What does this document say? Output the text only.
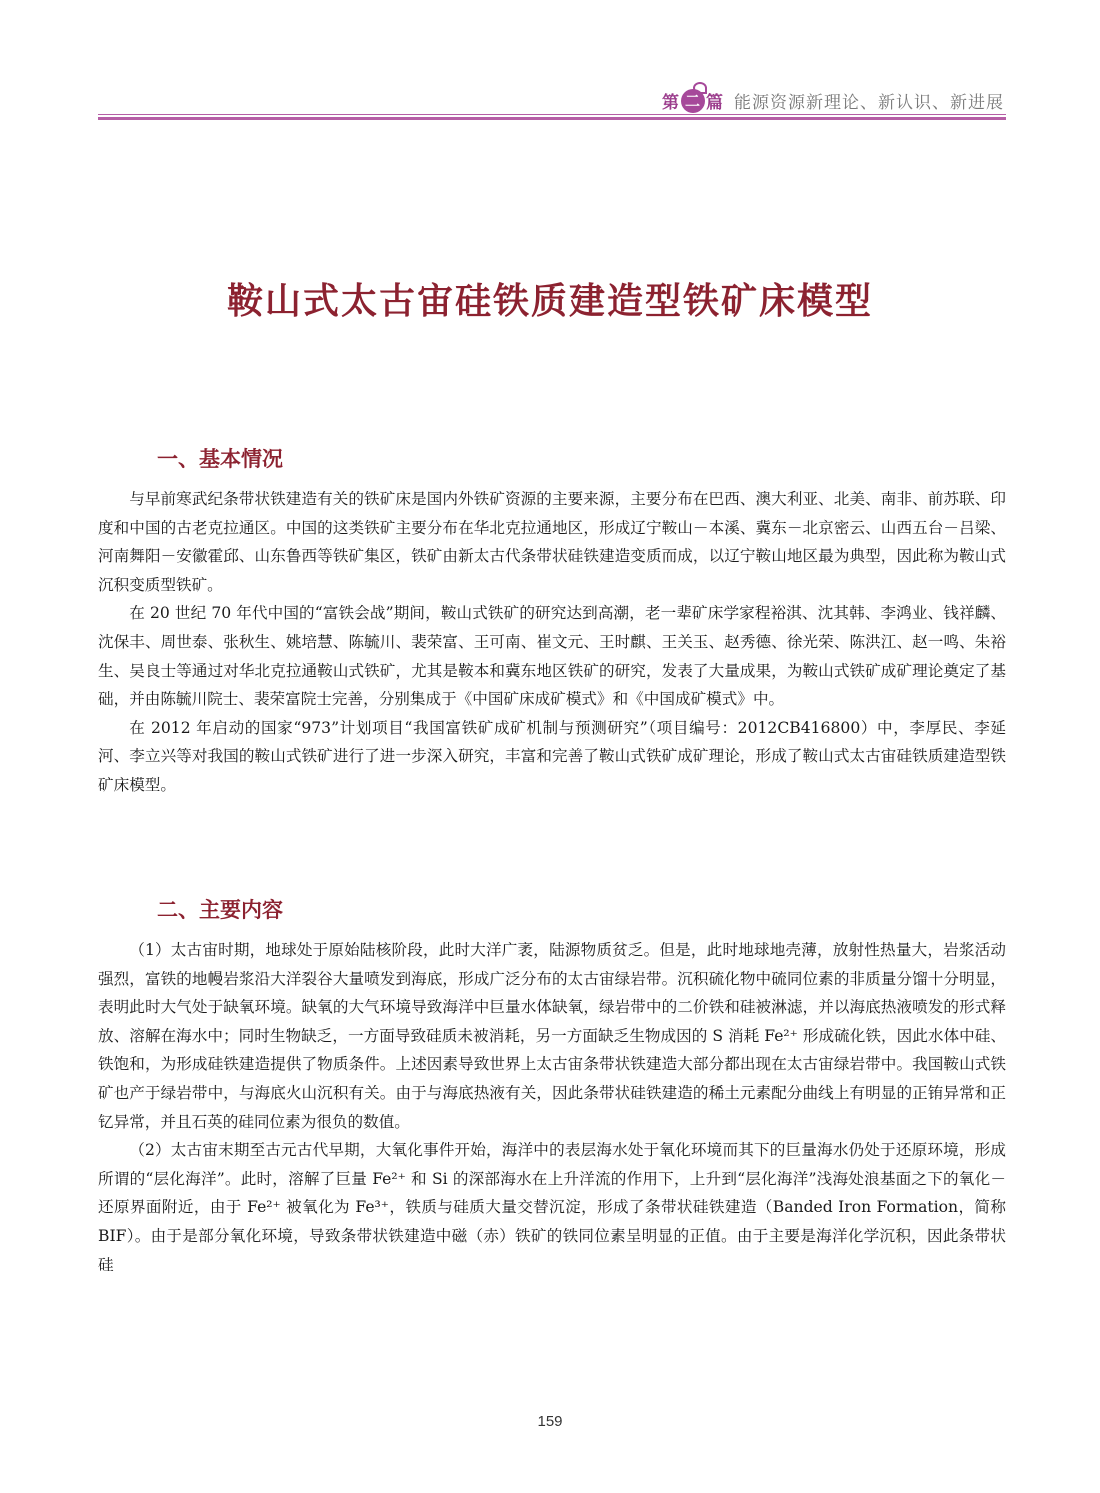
第 二 篇 能源资源新理论、新认识、新进展
鞍山式太古宙硅铁质建造型铁矿床模型
一、基本情况

与早前寒武纪条带状铁建造有关的铁矿床是国内外铁矿资源的主要来源，主要分布在巴西、澳大利亚、北美、南非、前苏联、印度和中国的古老克拉通区。中国的这类铁矿主要分布在华北克拉通地区，形成辽宁鞍山－本溪、冀东－北京密云、山西五台－吕梁、河南舞阳－安徽霍邱、山东鲁西等铁矿集区，铁矿由新太古代条带状硅铁建造变质而成，以辽宁鞍山地区最为典型，因此称为鞍山式沉积变质型铁矿。

在 20 世纪 70 年代中国的“富铁会战”期间，鞍山式铁矿的研究达到高潮，老一辈矿床学家程裕淇、沈其韩、李鸿业、钱祥麟、沈保丰、周世泰、张秋生、姚培慧、陈毓川、裴荣富、王可南、崔文元、王时麒、王关玉、赵秀德、徐光荣、陈洪江、赵一鸣、朱裕生、吴良士等通过对华北克拉通鞍山式铁矿，尤其是鞍本和冀东地区铁矿的研究，发表了大量成果，为鞍山式铁矿成矿理论奠定了基础，并由陈毓川院士、裴荣富院士完善，分别集成于《中国矿床成矿模式》和《中国成矿模式》中。

在 2012 年启动的国家“973”计划项目“我国富铁矿成矿机制与预测研究”（项目编号：2012CB416800）中，李厚民、李延河、李立兴等对我国的鞍山式铁矿进行了进一步深入研究，丰富和完善了鞍山式铁矿成矿理论，形成了鞍山式太古宙硅铁质建造型铁矿床模型。

二、主要内容

（1）太古宙时期，地球处于原始陆核阶段，此时大洋广袤，陆源物质贫乏。但是，此时地球地壳薄，放射性热量大，岩浆活动强烈，富铁的地幔岩浆沿大洋裂谷大量喷发到海底，形成广泛分布的太古宙绿岩带。沉积硫化物中硫同位素的非质量分馏十分明显，表明此时大气处于缺氧环境。缺氧的大气环境导致海洋中巨量水体缺氧，绿岩带中的二价铁和硅被淋滤，并以海底热液喷发的形式释放、溶解在海水中；同时生物缺乏，一方面导致硅质未被消耗，另一方面缺乏生物成因的 S 消耗 Fe²⁺ 形成硫化铁，因此水体中硅、铁饱和，为形成硅铁建造提供了物质条件。上述因素导致世界上太古宙条带状铁建造大部分都出现在太古宙绿岩带中。我国鞍山式铁矿也产于绿岩带中，与海底火山沉积有关。由于与海底热液有关，因此条带状硅铁建造的稀土元素配分曲线上有明显的正铕异常和正钇异常，并且石英的硅同位素为很负的数值。

（2）太古宙末期至古元古代早期，大氧化事件开始，海洋中的表层海水处于氧化环境而其下的巨量海水仍处于还原环境，形成所谓的“层化海洋”。此时，溶解了巨量 Fe²⁺ 和 Si 的深部海水在上升洋流的作用下，上升到“层化海洋”浅海处浪基面之下的氧化－还原界面附近，由于 Fe²⁺ 被氧化为 Fe³⁺，铁质与硅质大量交替沉淀，形成了条带状硅铁建造（Banded Iron Formation，简称 BIF）。由于是部分氧化环境，导致条带状铁建造中磁（赤）铁矿的铁同位素呈明显的正值。由于主要是海洋化学沉积，因此条带状硅

159
